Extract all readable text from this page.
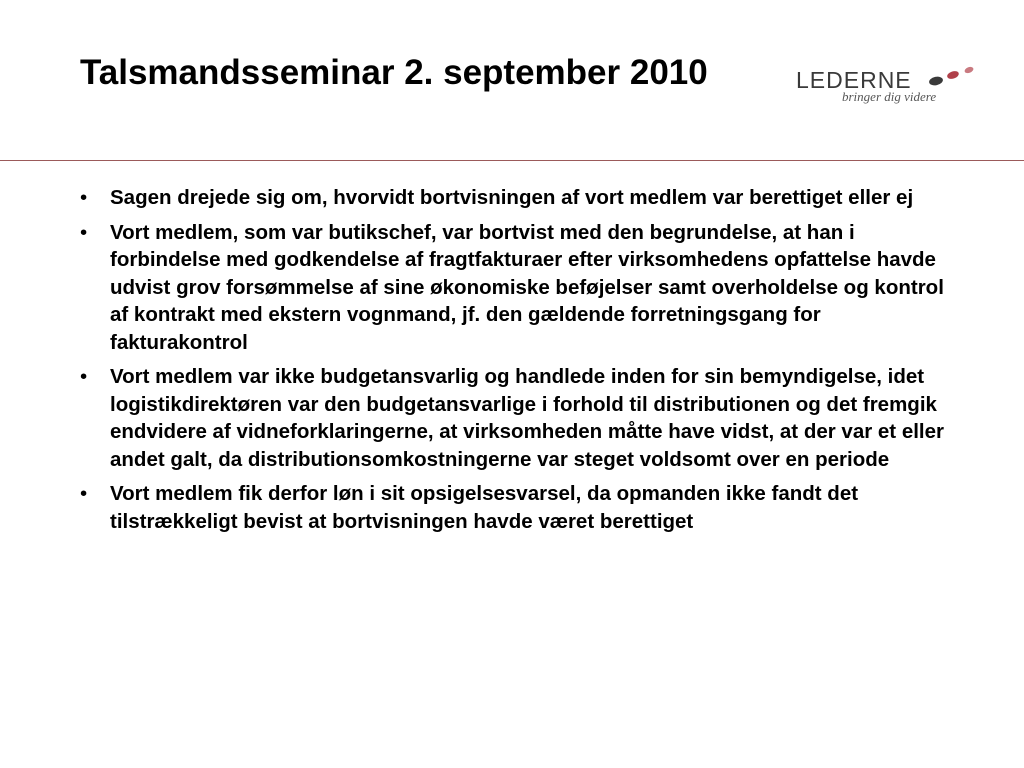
Talsmandsseminar 2. september 2010	LEDERNE
bringer dig videre
•	Sagen drejede sig om, hvorvidt bortvisningen af vort medlem var berettiget eller ej
•	Vort medlem, som var butikschef, var bortvist med den begrundelse, at han i forbindelse med godkendelse af fragtfakturaer efter virksomhedens opfattelse havde udvist grov forsømmelse af sine økonomiske beføjelser samt overholdelse og kontrol af kontrakt med ekstern vognmand, jf. den gældende forretningsgang for fakturakontrol
•	Vort medlem var ikke budgetansvarlig og handlede inden for sin bemyndigelse, idet logistikdirektøren var den budgetansvarlige i forhold til distributionen og det fremgik endvidere af vidneforklaringerne, at virksomheden måtte have vidst, at der var et eller andet galt, da distributionsomkostningerne var steget voldsomt over en periode
•	Vort medlem fik derfor løn i sit opsigelsesvarsel, da opmanden ikke fandt det tilstrækkeligt bevist at bortvisningen havde været berettiget
